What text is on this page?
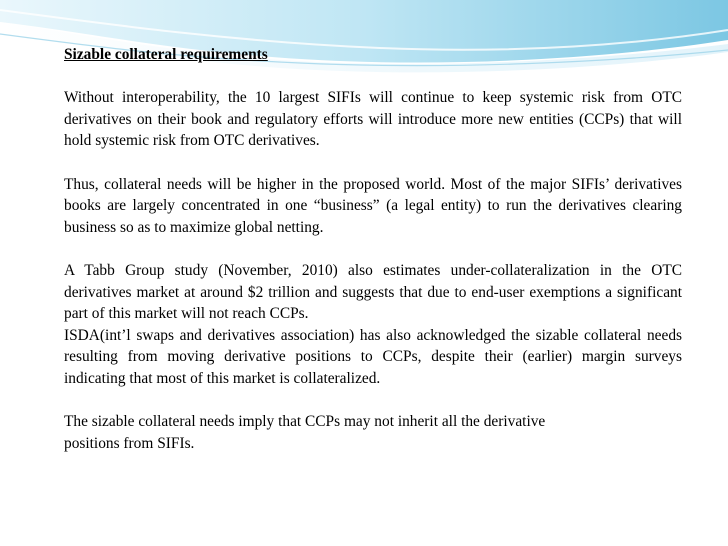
Sizable collateral requirements

Without interoperability, the 10 largest SIFIs will continue to keep systemic risk from OTC derivatives on their book and regulatory efforts will introduce more new entities (CCPs) that will hold systemic risk from OTC derivatives.

Thus, collateral needs will be higher in the proposed world. Most of the major SIFIs’ derivatives books are largely concentrated in one “business” (a legal entity) to run the derivatives clearing business so as to maximize global netting.

A Tabb Group study (November, 2010) also estimates under-collateralization in the OTC derivatives market at around $2 trillion and suggests that due to end-user exemptions a significant part of this market will not reach CCPs.

ISDA(int’l swaps and derivatives association) has also acknowledged the sizable collateral needs resulting from moving derivative positions to CCPs, despite their (earlier) margin surveys indicating that most of this market is collateralized.

The sizable collateral needs imply that CCPs may not inherit all the derivative positions from SIFIs.
